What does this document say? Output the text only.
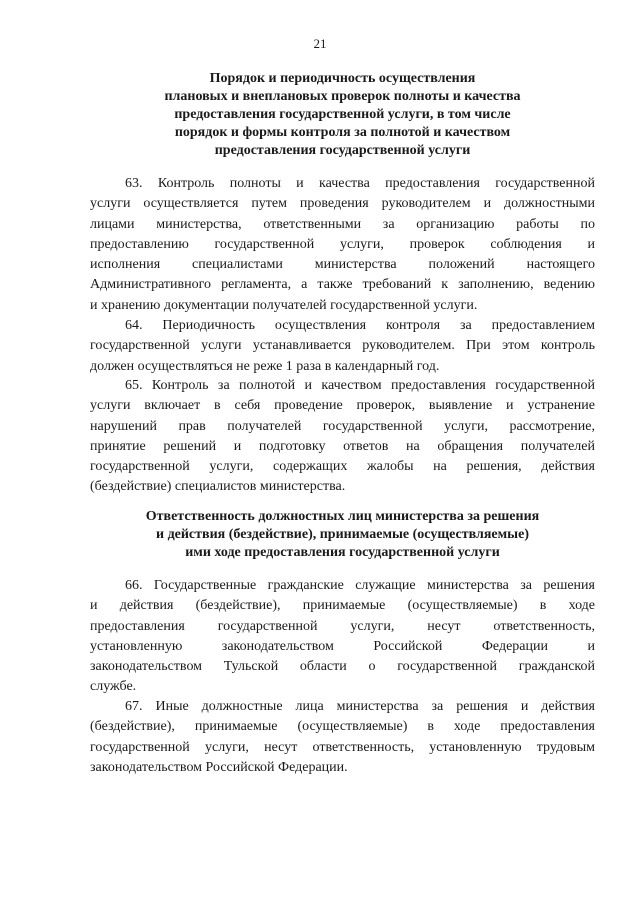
21
Порядок и периодичность осуществления
плановых и внеплановых проверок полноты и качества
предоставления государственной услуги, в том числе
порядок и формы контроля за полнотой и качеством
предоставления государственной услуги
63. Контроль полноты и качества предоставления государственной
услуги осуществляется путем проведения руководителем и должностными
лицами министерства, ответственными за организацию работы по
предоставлению государственной услуги, проверок соблюдения и
исполнения специалистами министерства положений настоящего
Административного регламента, а также требований к заполнению, ведению
и хранению документации получателей государственной услуги.
64. Периодичность осуществления контроля за предоставлением
государственной услуги устанавливается руководителем. При этом контроль
должен осуществляться не реже 1 раза в календарный год.
65. Контроль за полнотой и качеством предоставления государственной
услуги включает в себя проведение проверок, выявление и устранение
нарушений прав получателей государственной услуги, рассмотрение,
принятие решений и подготовку ответов на обращения получателей
государственной услуги, содержащих жалобы на решения, действия
(бездействие) специалистов министерства.
Ответственность должностных лиц министерства за решения
и действия (бездействие), принимаемые (осуществляемые)
ими ходе предоставления государственной услуги
66. Государственные гражданские служащие министерства за решения
и действия (бездействие), принимаемые (осуществляемые) в ходе
предоставления государственной услуги, несут ответственность,
установленную законодательством Российской Федерации и
законодательством Тульской области о государственной гражданской
службе.
67. Иные должностные лица министерства за решения и действия
(бездействие), принимаемые (осуществляемые) в ходе предоставления
государственной услуги, несут ответственность, установленную трудовым
законодательством Российской Федерации.
